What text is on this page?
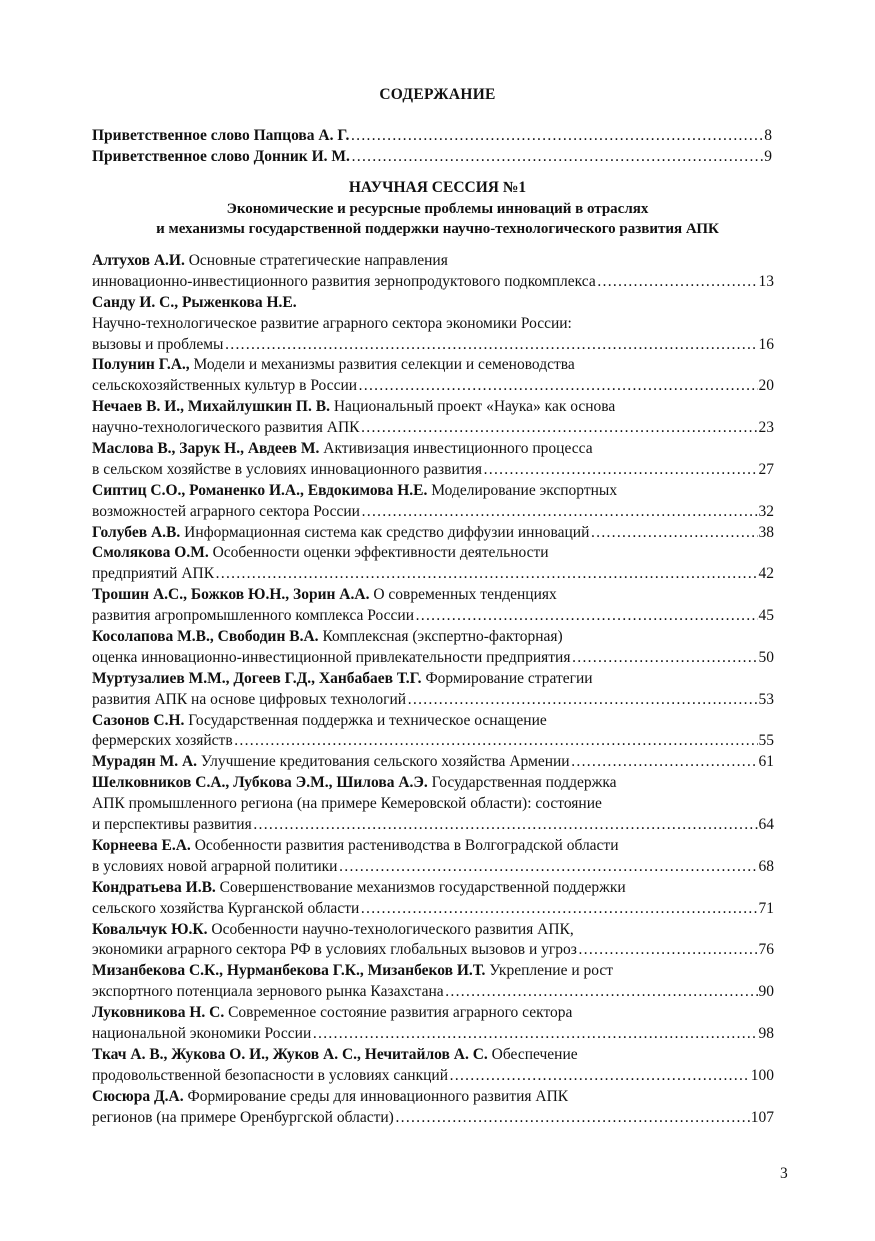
СОДЕРЖАНИЕ
Приветственное слово Папцова А. Г. ……………………………………………………………………………………………………………………………………………………………………………………………………………………………………………	8
Приветственное слово Донник И. М. ……………………………………………………………………………………………………………………………………………………………………………………………………………………………………………	9
НАУЧНАЯ СЕССИЯ №1
Экономические и ресурсные проблемы инноваций в отраслях
и механизмы государственной поддержки научно-технологического развития АПК
Алтухов А.И.
Основные стратегические направления
инновационно-инвестиционного развития зернопродуктового подкомплекса ……………………………………………………………………………………………………………………………………………………………………………………………………………………………………………	13
Санду И. С., Рыженкова Н.Е.

Научно-технологическое развитие аграрного сектора экономики России:
вызовы и проблемы ……………………………………………………………………………………………………………………………………………………………………………………………………………………………………………	16
Полунин Г.А.,
Модели и механизмы развития селекции и семеноводства
сельскохозяйственных культур в России ……………………………………………………………………………………………………………………………………………………………………………………………………………………………………………	20
Нечаев В. И., Михайлушкин П. В.
Национальный проект «Наука» как основа
научно-технологического развития АПК ……………………………………………………………………………………………………………………………………………………………………………………………………………………………………………	23
Маслова В., Зарук Н., Авдеев М.
Активизация инвестиционного процесса
в сельском хозяйстве в условиях инновационного развития ……………………………………………………………………………………………………………………………………………………………………………………………………………………………………………	27
Сиптиц С.О., Романенко И.А., Евдокимова Н.Е.
Моделирование экспортных
возможностей аграрного сектора России ……………………………………………………………………………………………………………………………………………………………………………………………………………………………………………	32
Голубев А.В.
Информационная система как средство диффузии инноваций ……………………………………………………………………………………………………………………………………………………………………………………………………………………………………………	38
Смолякова О.М.
Особенности оценки эффективности деятельности
предприятий АПК ……………………………………………………………………………………………………………………………………………………………………………………………………………………………………………	42
Трошин А.С., Божков Ю.Н., Зорин А.А.
О современных тенденциях
развития агропромышленного комплекса России ……………………………………………………………………………………………………………………………………………………………………………………………………………………………………………	45
Косолапова М.В., Свободин В.А.
Комплексная (экспертно-факторная)
оценка инновационно-инвестиционной привлекательности предприятия ……………………………………………………………………………………………………………………………………………………………………………………………………………………………………………	50
Муртузалиев М.М., Догеев Г.Д., Ханбабаев Т.Г.
Формирование стратегии
развития АПК на основе цифровых технологий ……………………………………………………………………………………………………………………………………………………………………………………………………………………………………………	53
Сазонов С.Н.
Государственная поддержка и техническое оснащение
фермерских хозяйств ……………………………………………………………………………………………………………………………………………………………………………………………………………………………………………	55
Мурадян М. А.
Улучшение кредитования сельского хозяйства Армении ……………………………………………………………………………………………………………………………………………………………………………………………………………………………………………	61
Шелковников С.А., Лубкова Э.М., Шилова А.Э.
Государственная поддержка
АПК промышленного региона (на примере Кемеровской области): состояние
и перспективы развития ……………………………………………………………………………………………………………………………………………………………………………………………………………………………………………	64
Корнеева Е.А.
Особенности развития растениводства в Волгоградской области
в условиях новой аграрной политики ……………………………………………………………………………………………………………………………………………………………………………………………………………………………………………	68
Кондратьева И.В.
Совершенствование механизмов государственной поддержки
сельского хозяйства Курганской области ……………………………………………………………………………………………………………………………………………………………………………………………………………………………………………	71
Ковальчук Ю.К.
Особенности научно-технологического развития АПК,
экономики аграрного сектора РФ в условиях глобальных вызовов и угроз ……………………………………………………………………………………………………………………………………………………………………………………………………………………………………………	76
Мизанбекова С.К., Нурманбекова Г.К., Мизанбеков И.Т.
Укрепление и рост
экспортного потенциала зернового рынка Казахстана ……………………………………………………………………………………………………………………………………………………………………………………………………………………………………………	90
Луковникова Н. С.
Современное состояние развития аграрного сектора
национальной экономики России ……………………………………………………………………………………………………………………………………………………………………………………………………………………………………………	98
Ткач А. В., Жукова О. И., Жуков А. С., Нечитайлов А. С.
Обеспечение
продовольственной безопасности в условиях санкций ……………………………………………………………………………………………………………………………………………………………………………………………………………………………………………	100
Сюсюра Д.А.
Формирование среды для инновационного развития АПК
регионов (на примере Оренбургской области) ……………………………………………………………………………………………………………………………………………………………………………………………………………………………………………	107
3
